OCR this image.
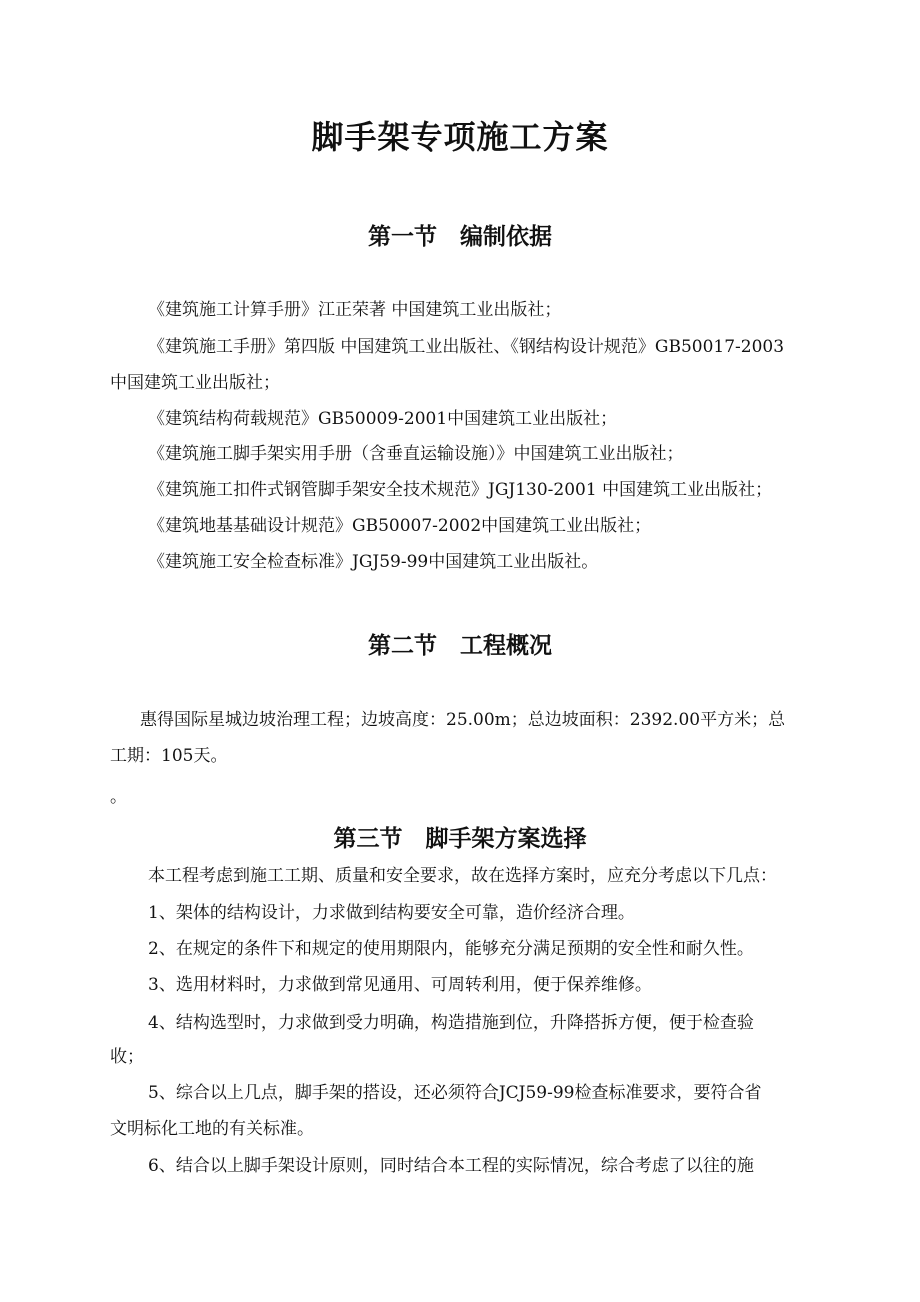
脚手架专项施工方案
第一节　编制依据

《建筑施工计算手册》江正荣著 中国建筑工业出版社；

《建筑施工手册》第四版 中国建筑工业出版社、《钢结构设计规范》GB50017-2003

中国建筑工业出版社；

《建筑结构荷载规范》GB50009-2001中国建筑工业出版社；

《建筑施工脚手架实用手册（含垂直运输设施）》中国建筑工业出版社；

《建筑施工扣件式钢管脚手架安全技术规范》JGJ130-2001 中国建筑工业出版社；

《建筑地基基础设计规范》GB50007-2002中国建筑工业出版社；

《建筑施工安全检查标准》JGJ59-99中国建筑工业出版社。

第二节　工程概况

惠得国际星城边坡治理工程；边坡高度：25.00m；总边坡面积：2392.00平方米；总

工期：105天。

。

第三节　脚手架方案选择

本工程考虑到施工工期、质量和安全要求，故在选择方案时，应充分考虑以下几点：

1、架体的结构设计，力求做到结构要安全可靠，造价经济合理。

2、在规定的条件下和规定的使用期限内，能够充分满足预期的安全性和耐久性。

3、选用材料时，力求做到常见通用、可周转利用，便于保养维修。

4、结构选型时，力求做到受力明确，构造措施到位，升降搭拆方便，便于检查验

收；

5、综合以上几点，脚手架的搭设，还必须符合JCJ59-99检查标准要求，要符合省

文明标化工地的有关标准。

6、结合以上脚手架设计原则，同时结合本工程的实际情况，综合考虑了以往的施
